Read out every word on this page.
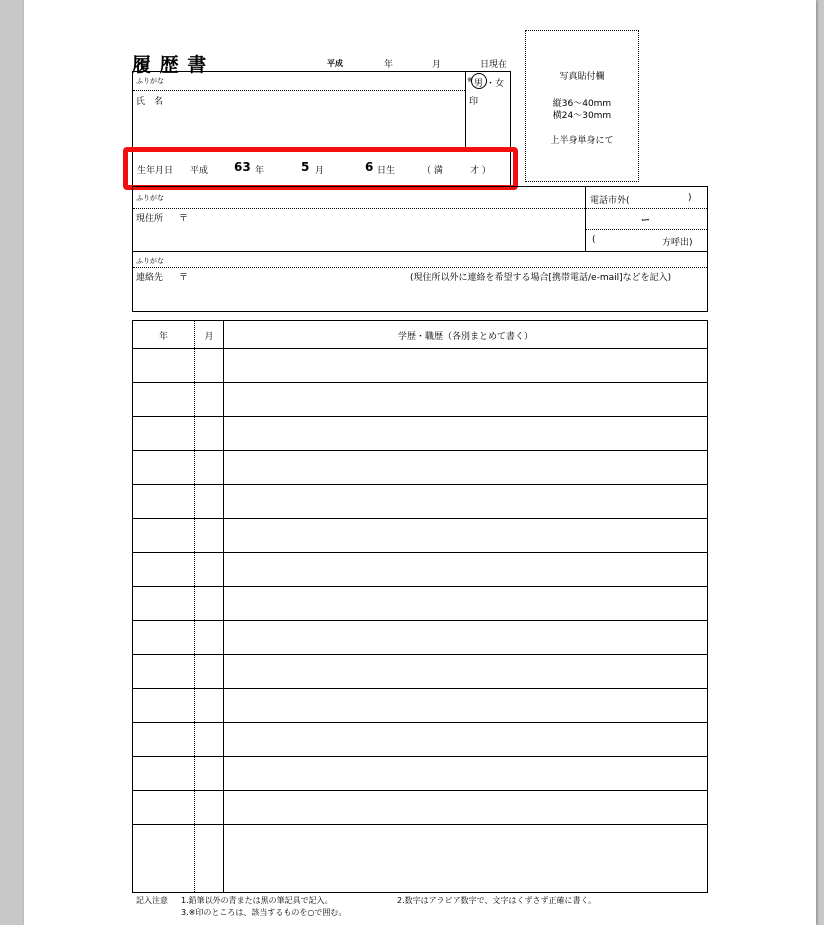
履 歴 書	平成	年	月	日現在
ふりがな
氏　名
※ 男 ・ 女
印
生年月日 平成 63 年	5 月	6 日生	（ 満	才 ）
写真貼付欄
縦36〜40mm
横24〜30mm
上半身単身にて
ふりがな
現住所 〒
電話市外(	)
ー
(	方呼出)
ふりがな
連絡先 〒	(現住所以外に連絡を希望する場合[携帯電話/e-mail]などを記入)
年	月	学歴・職歴（各別まとめて書く）
記入注意 1.鉛筆以外の青または黒の筆記具で記入。	2.数字はアラビア数字で、文字はくずさず正確に書く。
3.※印のところは、該当するものを○で囲む。
